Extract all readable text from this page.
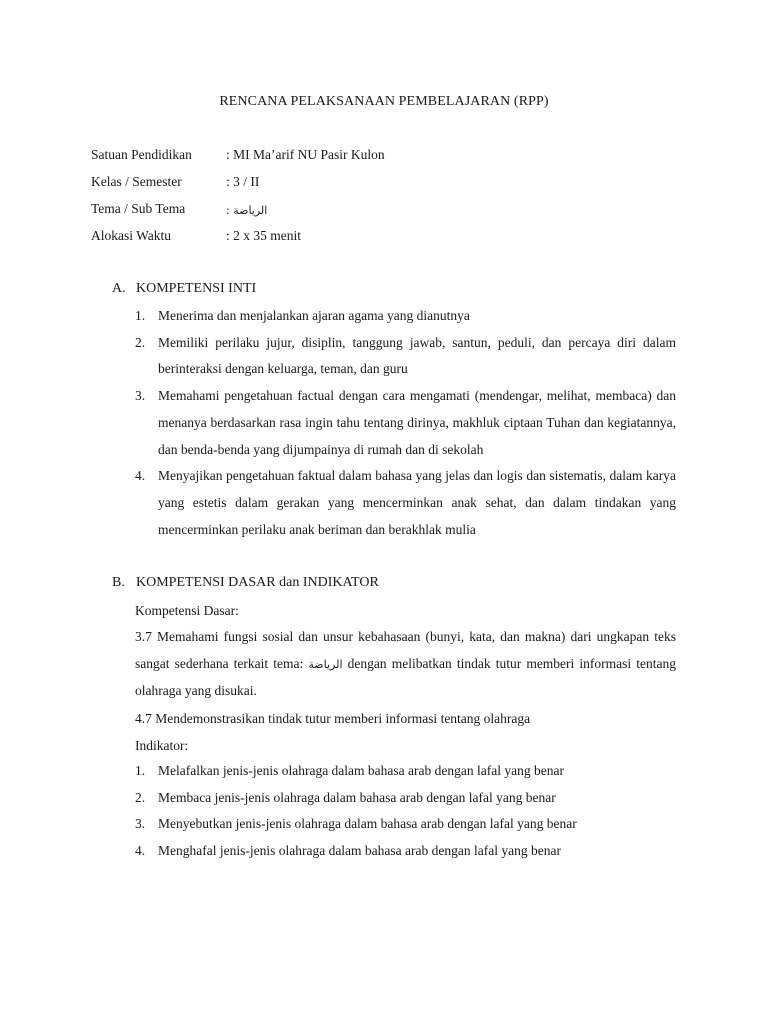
RENCANA PELAKSANAAN PEMBELAJARAN (RPP)
Satuan Pendidikan	: MI Ma’arif NU Pasir Kulon
Kelas / Semester	: 3 / II
Tema / Sub Tema	: الرياضة
Alokasi Waktu	: 2 x 35 menit
A. KOMPETENSI INTI
1. Menerima dan menjalankan ajaran agama yang dianutnya
2. Memiliki perilaku jujur, disiplin, tanggung jawab, santun, peduli, dan percaya diri dalam berinteraksi dengan keluarga, teman, dan guru
3. Memahami pengetahuan factual dengan cara mengamati (mendengar, melihat, membaca) dan menanya berdasarkan rasa ingin tahu tentang dirinya, makhluk ciptaan Tuhan dan kegiatannya, dan benda-benda yang dijumpainya di rumah dan di sekolah
4. Menyajikan pengetahuan faktual dalam bahasa yang jelas dan logis dan sistematis, dalam karya yang estetis dalam gerakan yang mencerminkan anak sehat, dan dalam tindakan yang mencerminkan perilaku anak beriman dan berakhlak mulia
B. KOMPETENSI DASAR dan INDIKATOR
Kompetensi Dasar:
3.7 Memahami fungsi sosial dan unsur kebahasaan (bunyi, kata, dan makna) dari ungkapan teks sangat sederhana terkait tema: الرياضة dengan melibatkan tindak tutur memberi informasi tentang olahraga yang disukai.
4.7 Mendemonstrasikan tindak tutur memberi informasi tentang olahraga
Indikator:
1. Melafalkan jenis-jenis olahraga dalam bahasa arab dengan lafal yang benar
2. Membaca jenis-jenis olahraga dalam bahasa arab dengan lafal yang benar
3. Menyebutkan jenis-jenis olahraga dalam bahasa arab dengan lafal yang benar
4. Menghafal jenis-jenis olahraga dalam bahasa arab dengan lafal yang benar
